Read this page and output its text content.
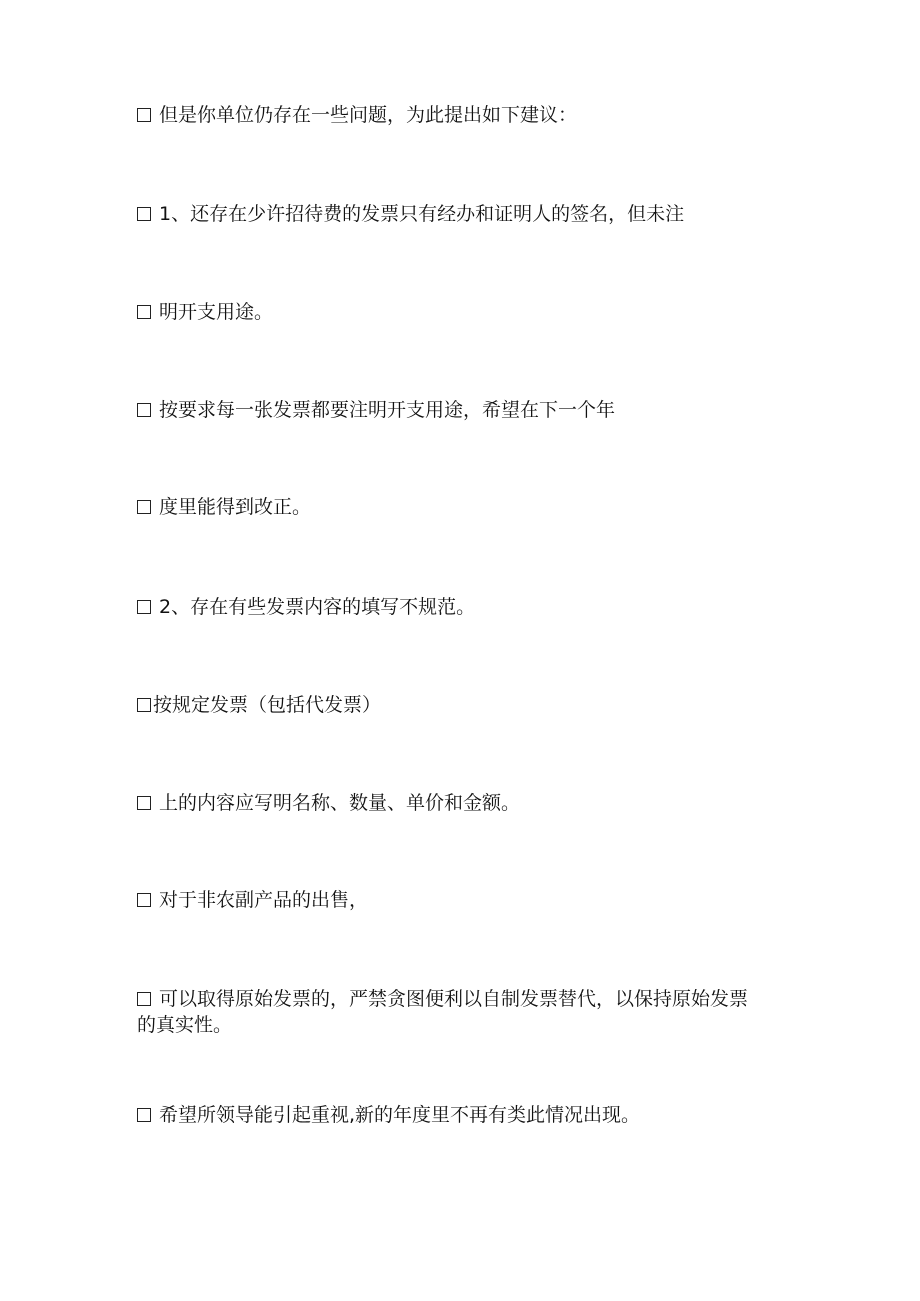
但是你单位仍存在一些问题，为此提出如下建议：

1、还存在少许招待费的发票只有经办和证明人的签名，但未注

明开支用途。

按要求每一张发票都要注明开支用途，希望在下一个年

度里能得到改正。

2、存在有些发票内容的填写不规范。

按规定发票（包括代发票）

上的内容应写明名称、数量、单价和金额。

对于非农副产品的出售，

可以取得原始发票的，严禁贪图便利以自制发票替代，以保持原始发票的真实性。

希望所领导能引起重视,新的年度里不再有类此情况出现。
